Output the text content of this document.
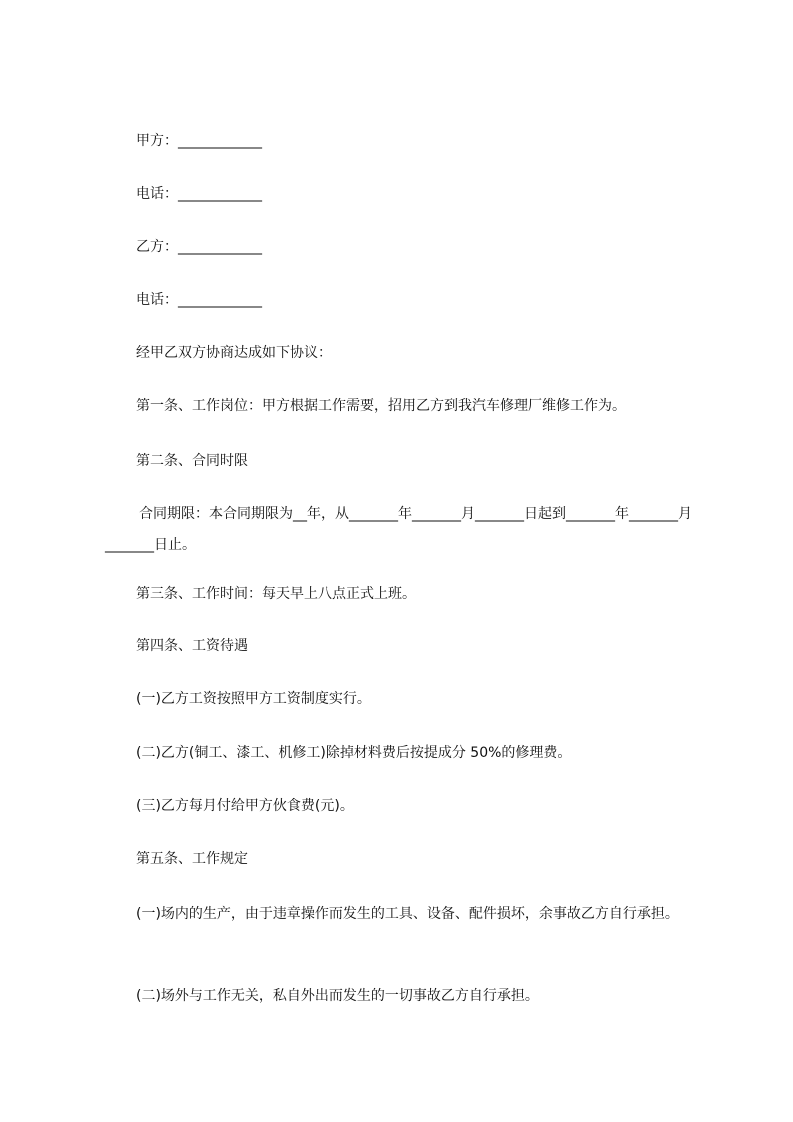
甲方：____________
电话：____________
乙方：____________
电话：____________
经甲乙双方协商达成如下协议：
第一条、工作岗位：甲方根据工作需要，招用乙方到我汽车修理厂维修工作为。
第二条、合同时限
合同期限：本合同期限为__年，从_______年_______月_______日起到_______年_______月_______日止。
第三条、工作时间：每天早上八点正式上班。
第四条、工资待遇
(一)乙方工资按照甲方工资制度实行。
(二)乙方(铜工、漆工、机修工)除掉材料费后按提成分 50%的修理费。
(三)乙方每月付给甲方伙食费(元)。
第五条、工作规定
(一)场内的生产，由于违章操作而发生的工具、设备、配件损坏，余事故乙方自行承担。
(二)场外与工作无关，私自外出而发生的一切事故乙方自行承担。
